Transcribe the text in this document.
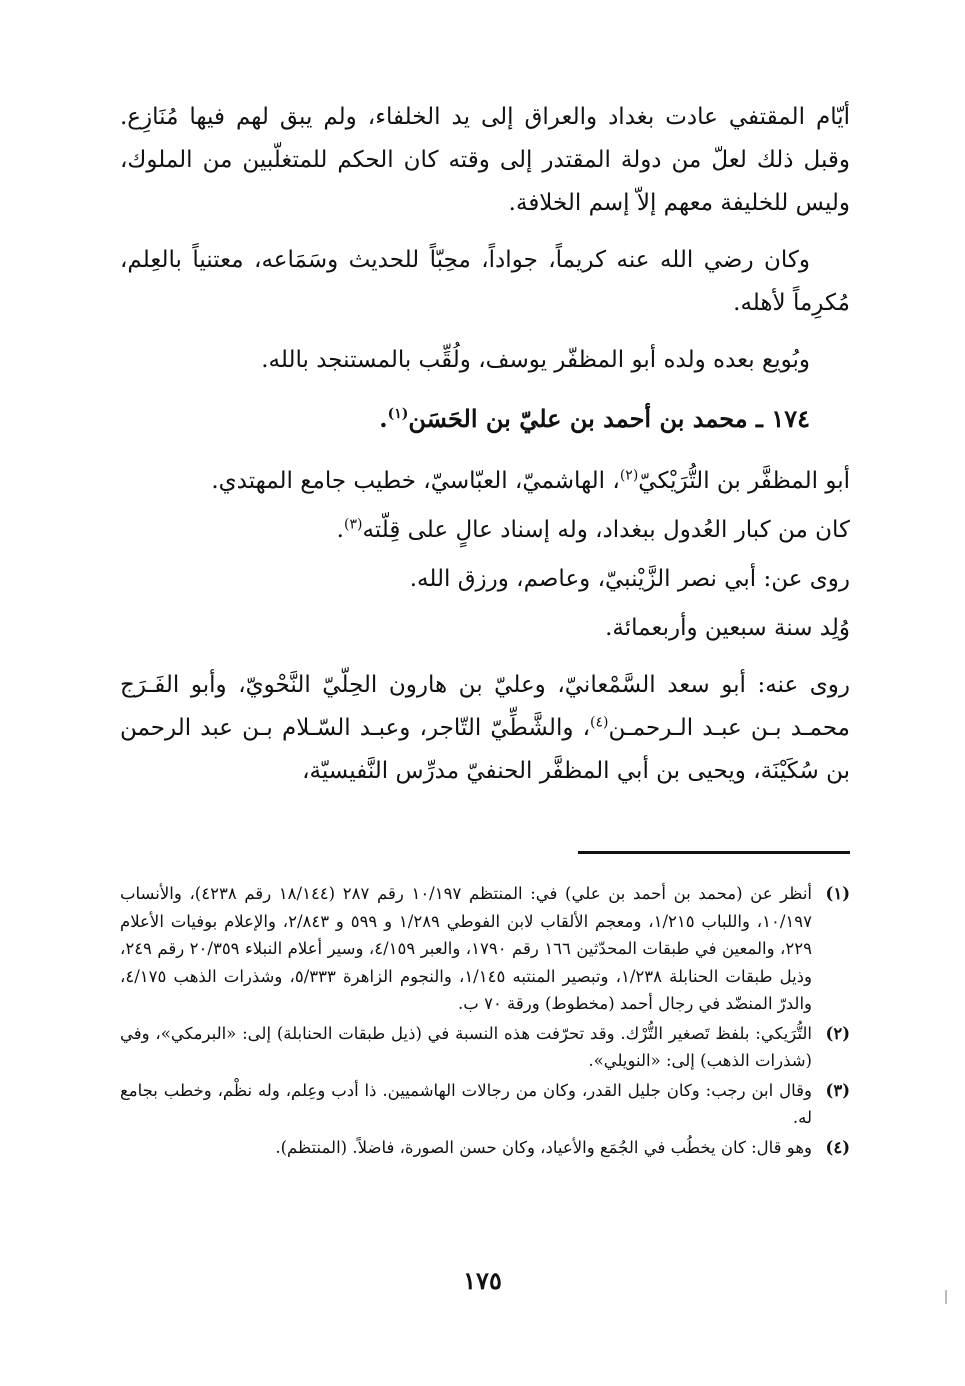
أيّام المقتفي عادت بغداد والعراق إلى يد الخلفاء، ولم يبق لهم فيها مُنَازِع. وقبل ذلك لعلّ من دولة المقتدر إلى وقته كان الحكم للمتغلّبين من الملوك، وليس للخليفة معهم إلاّ إسم الخلافة.

وكان رضي الله عنه كريماً، جواداً، محِبّاً للحديث وسَمَاعه، معتنياً بالعِلم، مُكرِماً لأهله.

وبُويع بعده ولده أبو المظفّر يوسف، ولُقِّب بالمستنجد بالله.

١٧٤ ـ محمد بن أحمد بن عليّ بن الحَسَن$^{(١)}$.

أبو المظفَّر بن التُّرَيْكيّ$^{(٢)}$، الهاشميّ، العبّاسيّ، خطيب جامع المهتدي.

كان من كبار العُدول ببغداد، وله إسناد عالٍ على قِلّته$^{(٣)}$.

روى عن: أبي نصر الزَّيْنبيّ، وعاصم، ورزق الله.

وُلِد سنة سبعين وأربعمائة.

روى عنه: أبو سعد السَّمْعانيّ، وعليّ بن هارون الحِلّيّ النَّحْويّ، وأبو الفَـرَج محمـد بـن عبـد الـرحمـن$^{(٤)}$، والشَّطِّيّ التّاجر، وعبـد السّـلام بـن عبد الرحمن بن سُكَيْنَة، ويحيى بن أبي المظفَّر الحنفيّ مدرِّس النَّفيسيّة،

(١)
أنظر عن (محمد بن أحمد بن علي) في: المنتظم ١٠/١٩٧ رقم ٢٨٧ (١٨/١٤٤ رقم ٤٢٣٨)، والأنساب ١٠/١٩٧، واللباب ١/٢١٥، ومعجم الألقاب لابن الفوطي ١/٢٨٩ و ٥٩٩ و ٢/٨٤٣، والإعلام بوفيات الأعلام ٢٢٩، والمعين في طبقات المحدّثين ١٦٦ رقم ١٧٩٠، والعبر ٤/١٥٩، وسير أعلام النبلاء ٢٠/٣٥٩ رقم ٢٤٩، وذيل طبقات الحنابلة ١/٢٣٨، وتبصير المنتبه ١/١٤٥، والنجوم الزاهرة ٥/٣٣٣، وشذرات الذهب ٤/١٧٥، والدرّ المنضّد في رجال أحمد (مخطوط) ورقة ٧٠ ب.
(٢)
التُّرَيكي: بلفظ تَصغير التُّرْك. وقد تحرّفت هذه النسبة في (ذيل طبقات الحنابلة) إلى: «البرمكي»، وفي (شذرات الذهب) إلى: «النويلي».
(٣)
وقال ابن رجب: وكان جليل القدر، وكان من رجالات الهاشميين. ذا أدب وعِلم، وله نظْم، وخطب بجامع له.
(٤)
وهو قال: كان يخطُب في الجُمَع والأعياد، وكان حسن الصورة، فاضلاً. (المنتظم).
١٧٥
